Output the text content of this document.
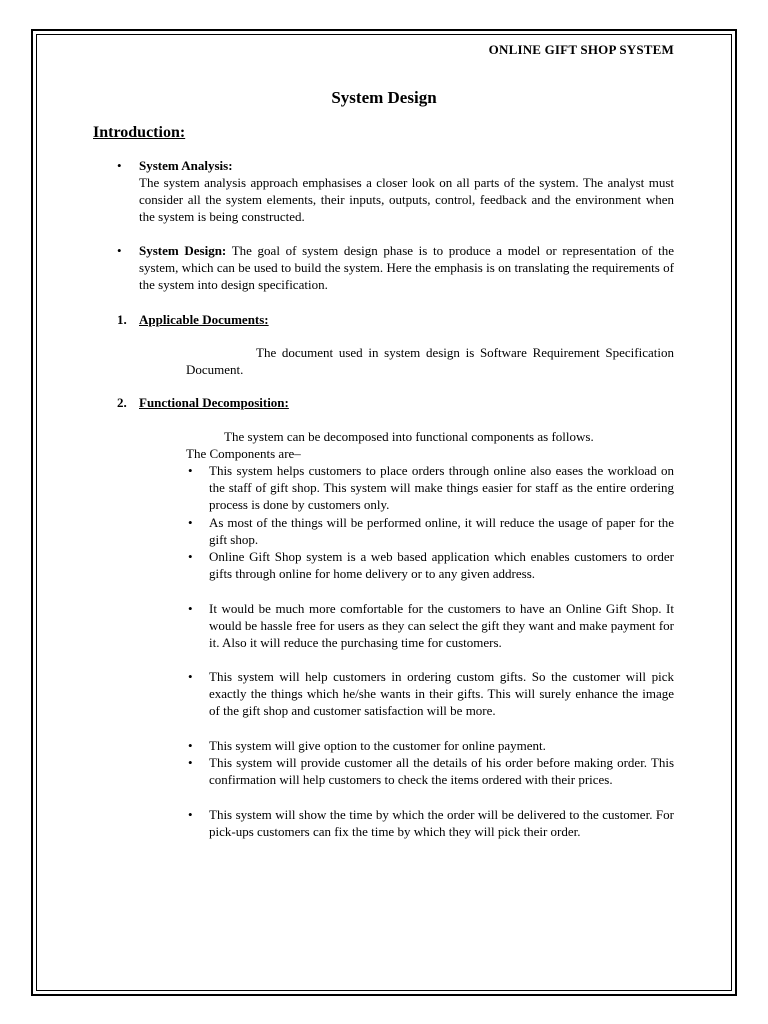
ONLINE GIFT SHOP SYSTEM
System Design
Introduction:
• System Analysis:
The system analysis approach emphasises a closer look on all parts of the system. The analyst must consider all the system elements, their inputs, outputs, control, feedback and the environment when the system is being constructed.
• System Design: The goal of system design phase is to produce a model or representation of the system, which can be used to build the system. Here the emphasis is on translating the requirements of the system into design specification.
1. Applicable Documents:
The document used in system design is Software Requirement Specification Document.
2. Functional Decomposition:
The system can be decomposed into functional components as follows.
The Components are–
• This system helps customers to place orders through online also eases the workload on the staff of gift shop. This system will make things easier for staff as the entire ordering process is done by customers only.
• As most of the things will be performed online, it will reduce the usage of paper for the gift shop.
• Online Gift Shop system is a web based application which enables customers to order gifts through online for home delivery or to any given address.
• It would be much more comfortable for the customers to have an Online Gift Shop. It would be hassle free for users as they can select the gift they want and make payment for it. Also it will reduce the purchasing time for customers.
• This system will help customers in ordering custom gifts. So the customer will pick exactly the things which he/she wants in their gifts. This will surely enhance the image of the gift shop and customer satisfaction will be more.
• This system will give option to the customer for online payment.
• This system will provide customer all the details of his order before making order. This confirmation will help customers to check the items ordered with their prices.
• This system will show the time by which the order will be delivered to the customer. For pick-ups customers can fix the time by which they will pick their order.
